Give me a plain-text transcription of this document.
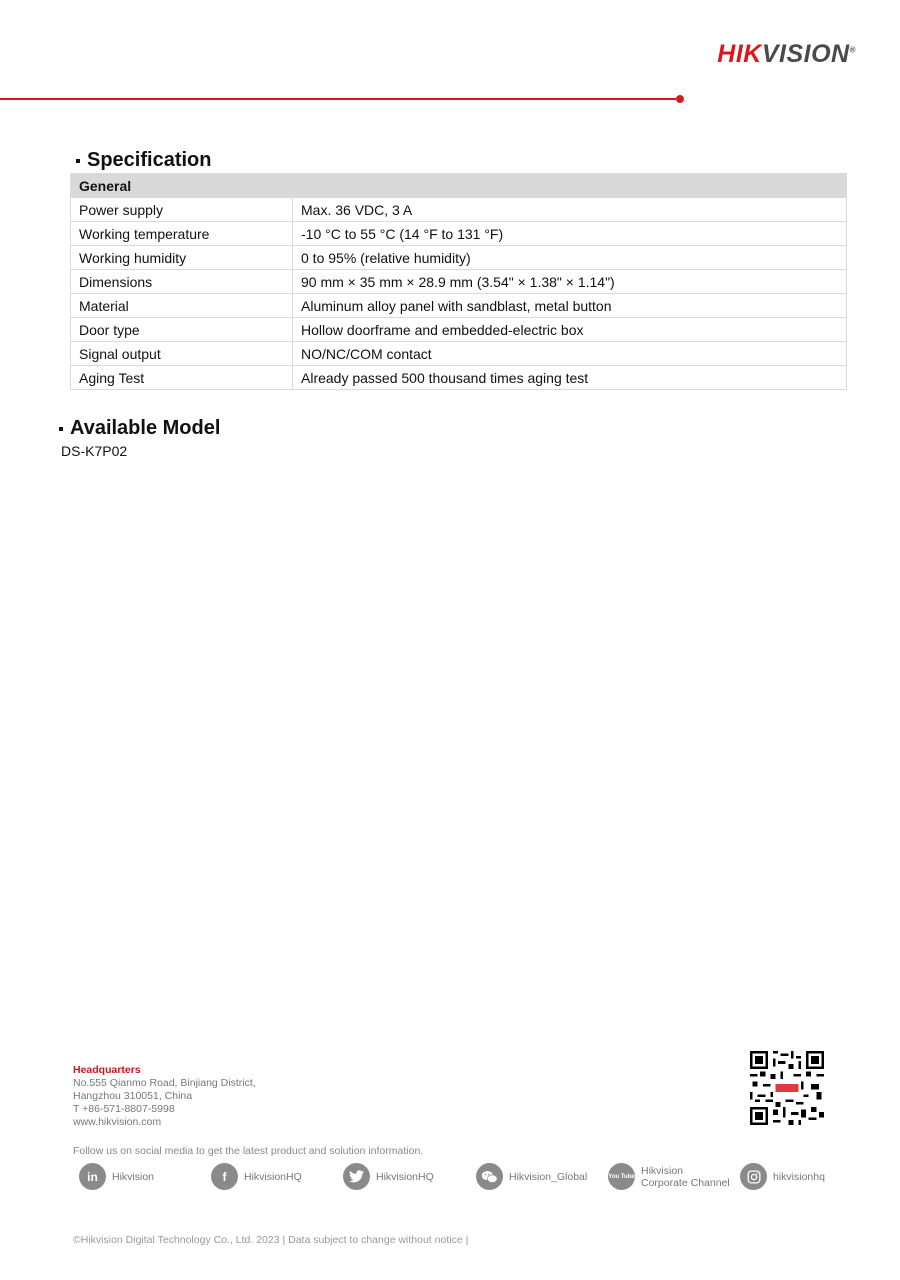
HIKVISION®
Specification
General	
Power supply	Max. 36 VDC, 3 A
Working temperature	-10 °C to 55 °C (14 °F to 131 °F)
Working humidity	0 to 95% (relative humidity)
Dimensions	90 mm × 35 mm × 28.9 mm (3.54" × 1.38" × 1.14")
Material	Aluminum alloy panel with sandblast, metal button
Door type	Hollow doorframe and embedded-electric box
Signal output	NO/NC/COM contact
Aging Test	Already passed 500 thousand times aging test
Available Model
DS-K7P02
Headquarters
No.555 Qianmo Road, Binjiang District,
Hangzhou 310051, China
T +86-571-8807-5998
www.hikvision.com
Follow us on social media to get the latest product and solution information.
in	Hikvision	f	HikvisionHQ	HikvisionHQ	Hikvision_Global	You Tube Hikvision
Corporate Channel	hikvisionhq
©Hikvision Digital Technology Co., Ltd. 2023 | Data subject to change without notice |
